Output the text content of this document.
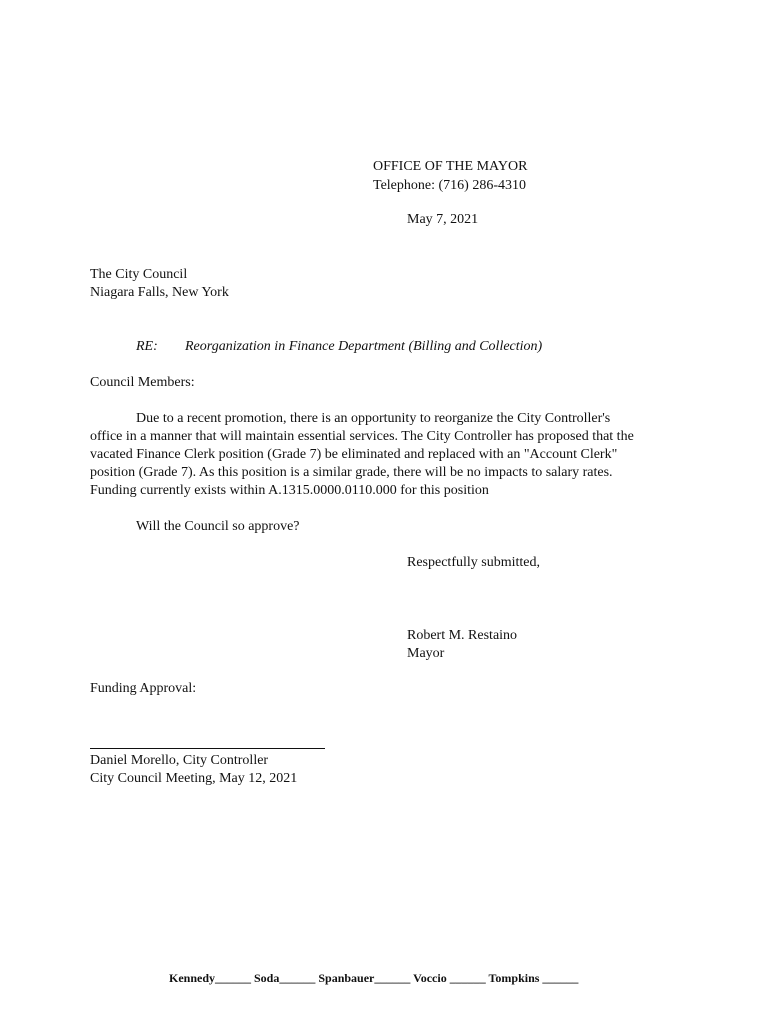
OFFICE OF THE MAYOR
Telephone: (716) 286-4310
May 7, 2021
The City Council
Niagara Falls, New York
RE: Reorganization in Finance Department (Billing and Collection)
Council Members:
Due to a recent promotion, there is an opportunity to reorganize the City Controller's
office in a manner that will maintain essential services. The City Controller has proposed that the
vacated Finance Clerk position (Grade 7) be eliminated and replaced with an "Account Clerk"
position (Grade 7). As this position is a similar grade, there will be no impacts to salary rates.
Funding currently exists within A.1315.0000.0110.000 for this position
Will the Council so approve?
Respectfully submitted,
Robert M. Restaino
Mayor
Funding Approval:
Daniel Morello, City Controller
City Council Meeting, May 12, 2021
Kennedy______ Soda______ Spanbauer______ Voccio ______ Tompkins ______
